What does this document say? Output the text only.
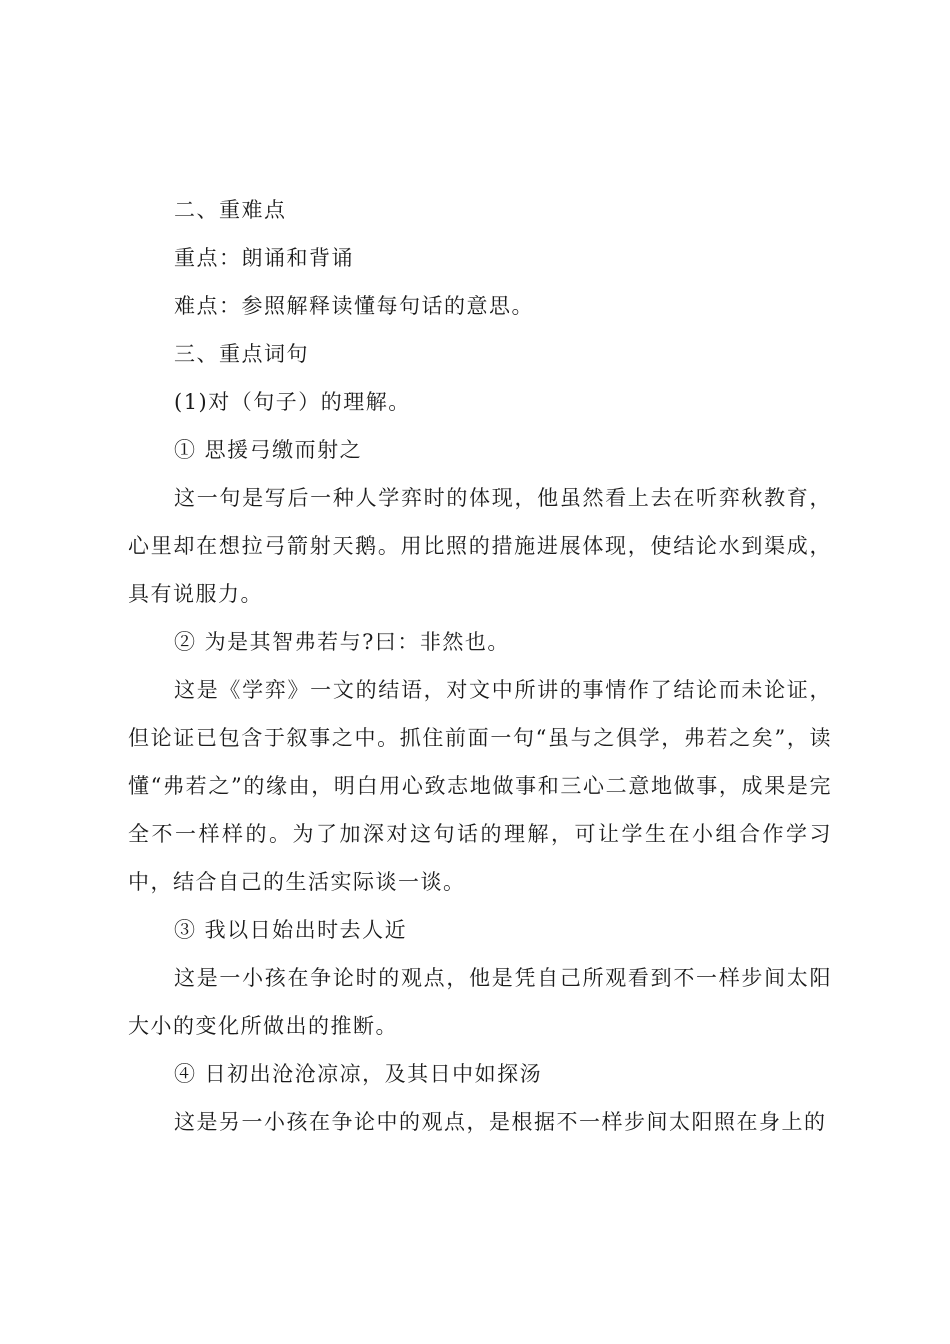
二、重难点

重点：朗诵和背诵

难点：参照解释读懂每句话的意思。

三、重点词句

(1)对（句子）的理解。

① 思援弓缴而射之

这一句是写后一种人学弈时的体现，他虽然看上去在听弈秋教育，心里却在想拉弓箭射天鹅。用比照的措施进展体现，使结论水到渠成，具有说服力。

② 为是其智弗若与?曰：非然也。

这是《学弈》一文的结语，对文中所讲的事情作了结论而未论证，但论证已包含于叙事之中。抓住前面一句“虽与之俱学，弗若之矣”，读懂“弗若之”的缘由，明白用心致志地做事和三心二意地做事，成果是完全不一样样的。为了加深对这句话的理解，可让学生在小组合作学习中，结合自己的生活实际谈一谈。

③ 我以日始出时去人近

这是一小孩在争论时的观点，他是凭自己所观看到不一样步间太阳大小的变化所做出的推断。

④ 日初出沧沧凉凉，及其日中如探汤

这是另一小孩在争论中的观点，是根据不一样步间太阳照在身上的
